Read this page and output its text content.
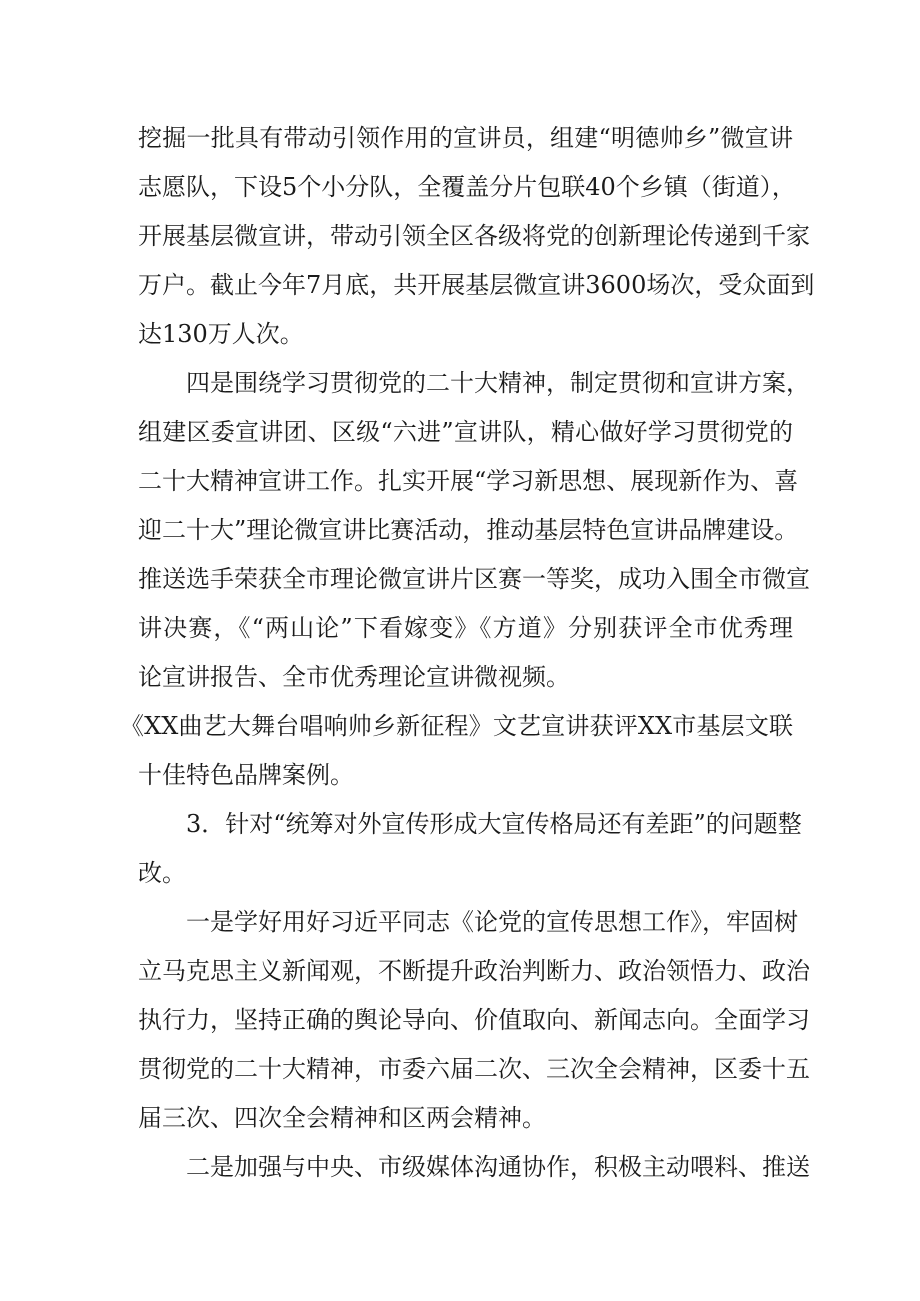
挖掘一批具有带动引领作用的宣讲员，组建“明德帅乡”微宣讲
志愿队，下设5个小分队，全覆盖分片包联40个乡镇（街道），
开展基层微宣讲，带动引领全区各级将党的创新理论传递到千家
万户。截止今年7月底，共开展基层微宣讲3600场次，受众面到
达130万人次。
四是围绕学习贯彻党的二十大精神，制定贯彻和宣讲方案，
组建区委宣讲团、区级“六进”宣讲队，精心做好学习贯彻党的
二十大精神宣讲工作。扎实开展“学习新思想、展现新作为、喜
迎二十大”理论微宣讲比赛活动，推动基层特色宣讲品牌建设。
推送选手荣获全市理论微宣讲片区赛一等奖，成功入围全市微宣
讲决赛，《“两山论”下看嫁变》《方道》分别获评全市优秀理
论宣讲报告、全市优秀理论宣讲微视频。
《XX曲艺大舞台唱响帅乡新征程》文艺宣讲获评XX市基层文联
十佳特色品牌案例。
3．针对“统筹对外宣传形成大宣传格局还有差距”的问题整
改。
一是学好用好习近平同志《论党的宣传思想工作》，牢固树
立马克思主义新闻观，不断提升政治判断力、政治领悟力、政治
执行力，坚持正确的舆论导向、价值取向、新闻志向。全面学习
贯彻党的二十大精神，市委六届二次、三次全会精神，区委十五
届三次、四次全会精神和区两会精神。
二是加强与中央、市级媒体沟通协作，积极主动喂料、推送
